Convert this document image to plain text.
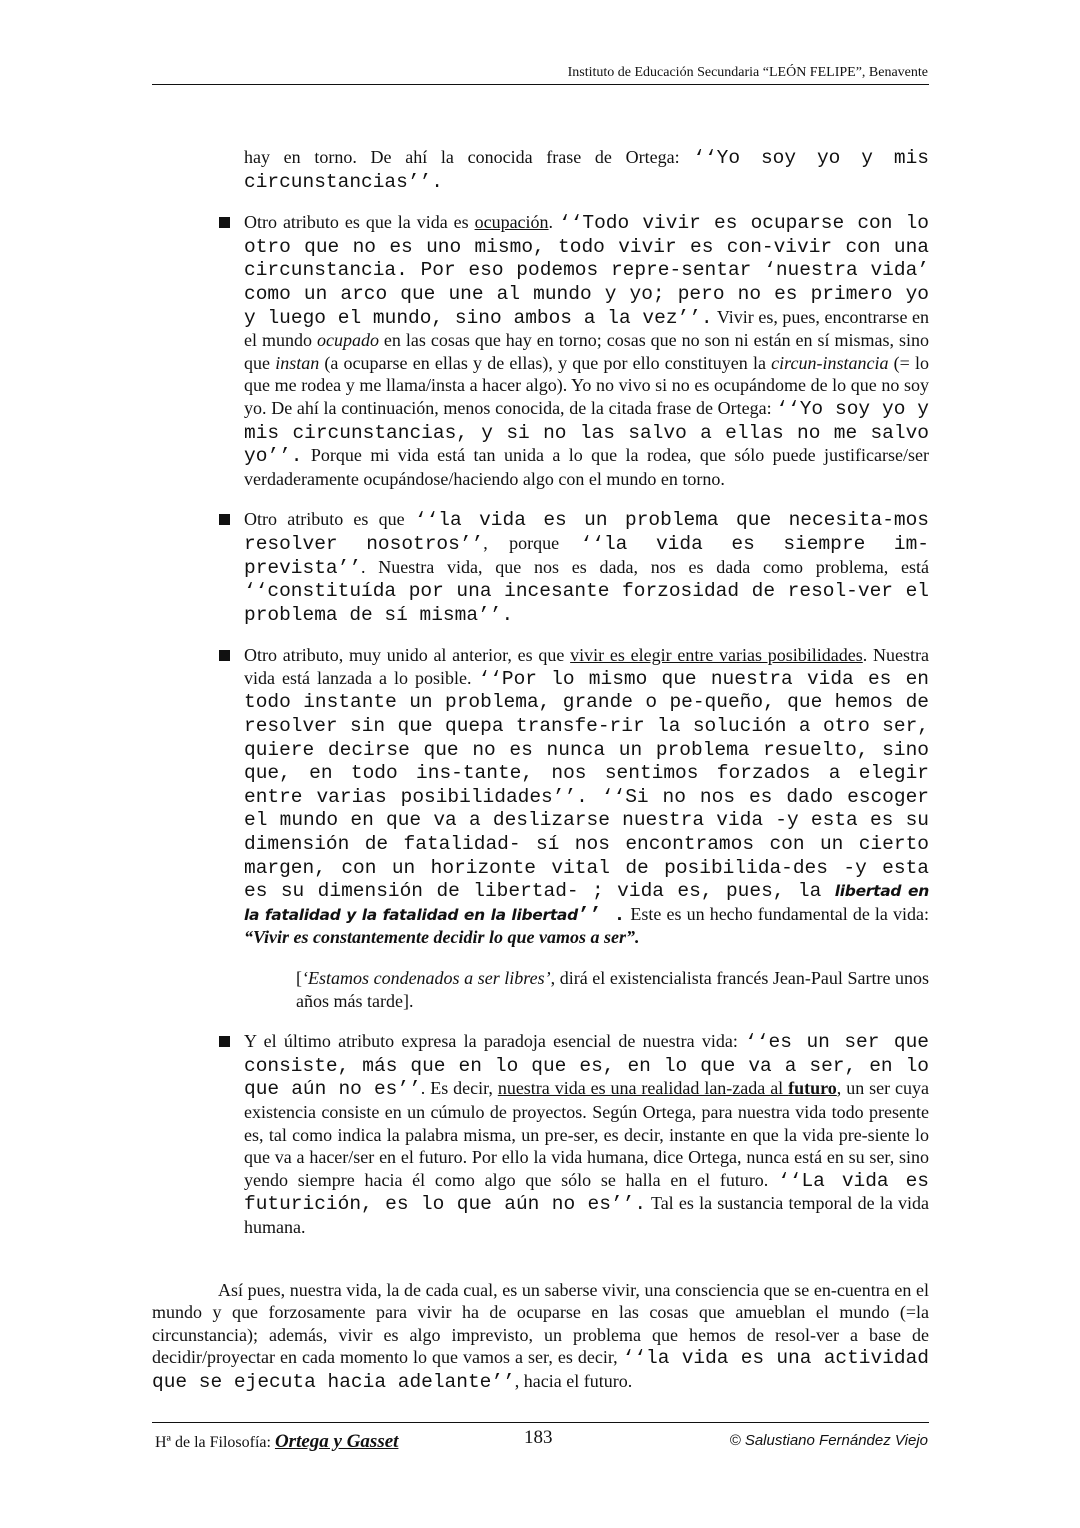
Instituto de Educación Secundaria “LEÓN FELIPE”, Benavente

hay en torno. De ahí la conocida frase de Ortega: ‘‘Yo soy yo y mis circunstancias’’.

Otro atributo es que la vida es ocupación. ‘‘Todo vivir es ocuparse con lo otro que no es uno mismo, todo vivir es con-vivir con una circunstancia. Por eso podemos repre-sentar ‘nuestra vida’ como un arco que une al mundo y yo; pero no es primero yo y luego el mundo, sino ambos a la vez’’. Vivir es, pues, encontrarse en el mundo ocupado en las cosas que hay en torno; cosas que no son ni están en sí mismas, sino que instan (a ocuparse en ellas y de ellas), y que por ello constituyen la circun-instancia (= lo que me rodea y me llama/insta a hacer algo). Yo no vivo si no es ocupándome de lo que no soy yo. De ahí la continuación, menos conocida, de la citada frase de Ortega: ‘‘Yo soy yo y mis circunstancias, y si no las salvo a ellas no me salvo yo’’. Porque mi vida está tan unida a lo que la rodea, que sólo puede justificarse/ser verdaderamente ocupándose/haciendo algo con el mundo en torno.

Otro atributo es que ‘‘la vida es un problema que necesita-mos resolver nosotros’’, porque ‘‘la vida es siempre im-prevista’’. Nuestra vida, que nos es dada, nos es dada como problema, está ‘‘constituída por una incesante forzosidad de resol-ver el problema de sí misma’’.

Otro atributo, muy unido al anterior, es que vivir es elegir entre varias posibilidades. Nuestra vida está lanzada a lo posible. ‘‘Por lo mismo que nuestra vida es en todo instante un problema, grande o pe-queño, que hemos de resolver sin que quepa transfe-rir la solución a otro ser, quiere decirse que no es nunca un problema resuelto, sino que, en todo ins-tante, nos sentimos forzados a elegir entre varias posibilidades’’. ‘‘Si no nos es dado escoger el mundo en que va a deslizarse nuestra vida -y esta es su dimensión de fatalidad- sí nos encontramos con un cierto margen, con un horizonte vital de posibilida-des -y esta es su dimensión de libertad- ; vida es, pues, la libertad en la fatalidad y la fatalidad en la libertad’’ . Este es un hecho fundamental de la vida: “Vivir es constantemente decidir lo que vamos a ser”.

[‘Estamos condenados a ser libres’, dirá el existencialista francés Jean-Paul Sartre unos años más tarde].

Y el último atributo expresa la paradoja esencial de nuestra vida: ‘‘es un ser que consiste, más que en lo que es, en lo que va a ser, en lo que aún no es’’. Es decir, nuestra vida es una realidad lan-zada al futuro, un ser cuya existencia consiste en un cúmulo de proyectos. Según Ortega, para nuestra vida todo presente es, tal como indica la palabra misma, un pre-ser, es decir, instante en que la vida pre-siente lo que va a hacer/ser en el futuro. Por ello la vida humana, dice Ortega, nunca está en su ser, sino yendo siempre hacia él como algo que sólo se halla en el futuro. ‘‘La vida es futurición, es lo que aún no es’’. Tal es la sustancia temporal de la vida humana.

Así pues, nuestra vida, la de cada cual, es un saberse vivir, una consciencia que se en-cuentra en el mundo y que forzosamente para vivir ha de ocuparse en las cosas que amueblan el mundo (=la circunstancia); además, vivir es algo imprevisto, un problema que hemos de resol-ver a base de decidir/proyectar en cada momento lo que vamos a ser, es decir, ‘‘la vida es una actividad que se ejecuta hacia adelante’’, hacia el futuro.

Hª de la Filosofía: Ortega y Gasset	183	© Salustiano Fernández Viejo
